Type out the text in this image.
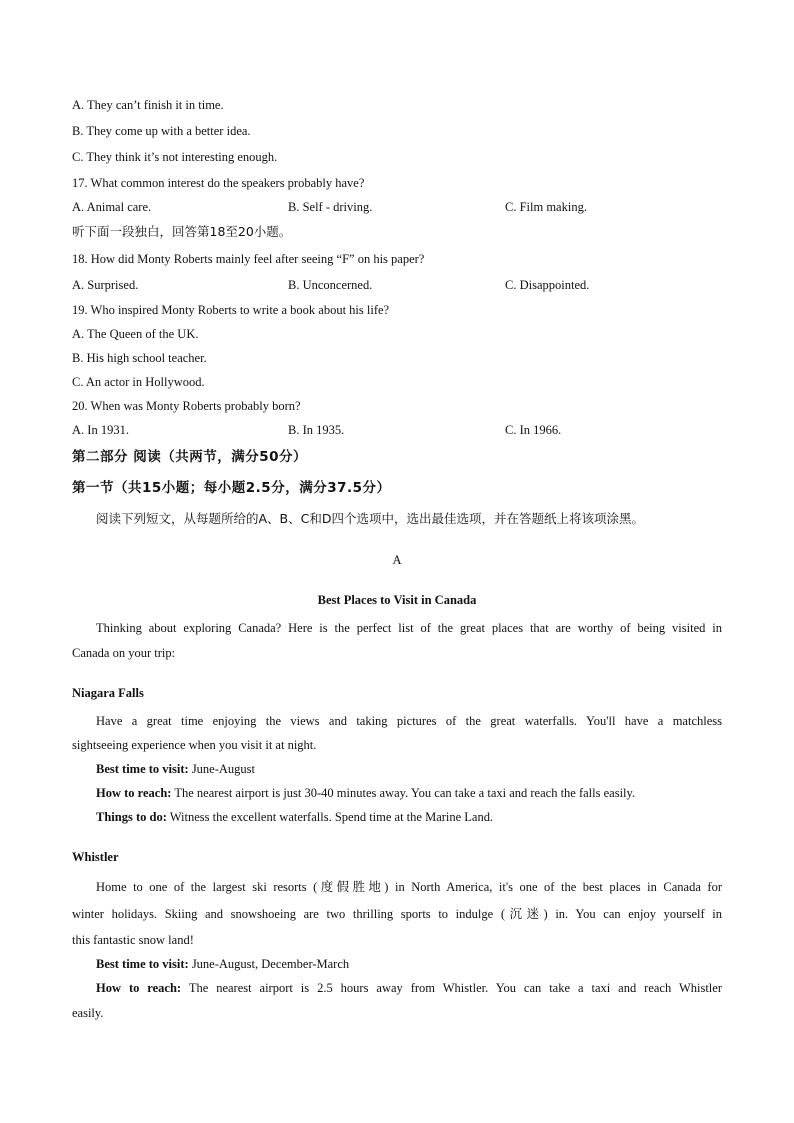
A. They can’t finish it in time.
B. They come up with a better idea.
C. They think it’s not interesting enough.
17. What common interest do the speakers probably have?
A. Animal care.	B. Self - driving.	C. Film making.
听下面一段独白，回答第18至20小题。
18. How did Monty Roberts mainly feel after seeing “F” on his paper?
A. Surprised.	B. Unconcerned.	C. Disappointed.
19. Who inspired Monty Roberts to write a book about his life?
A. The Queen of the UK.
B. His high school teacher.
C. An actor in Hollywood.
20. When was Monty Roberts probably born?
A. In 1931.	B. In 1935.	C. In 1966.
第二部分 阅读（共两节，满分50分）
第一节（共15小题；每小题2.5分，满分37.5分）
阅读下列短文，从每题所给的A、B、C和D四个选项中，选出最佳选项，并在答题纸上将该项涂黑。
A
Best Places to Visit in Canada
Thinking about exploring Canada? Here is the perfect list of the great places that are worthy of being visited in
Canada on your trip:
Niagara Falls
Have a great time enjoying the views and taking pictures of the great waterfalls. You'll have a matchless
sightseeing experience when you visit it at night.
Best time to visit: June-August
How to reach: The nearest airport is just 30-40 minutes away. You can take a taxi and reach the falls easily.
Things to do: Witness the excellent waterfalls. Spend time at the Marine Land.
Whistler
Home to one of the largest ski resorts (度假胜地) in North America, it's one of the best places in Canada for
winter holidays. Skiing and snowshoeing are two thrilling sports to indulge (沉迷) in. You can enjoy yourself in
this fantastic snow land!
Best time to visit: June-August, December-March
How to reach: The nearest airport is 2.5 hours away from Whistler. You can take a taxi and reach Whistler
easily.
